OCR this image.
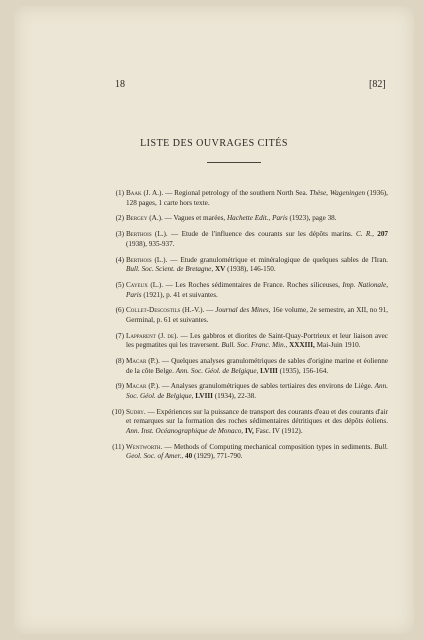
18	[82]
LISTE DES OUVRAGES CITÉS
(1) Baak (J. A.). — Regional petrology of the southern North Sea. Thèse, Wageningen (1936), 128 pages, 1 carte hors texte.
(2) Bergey (A.). — Vagues et marées, Hachette Edit., Paris (1923), page 38.
(3) Berthois (L.). — Etude de l'influence des courants sur les dépôts marins. C. R., 207 (1938), 935-937.
(4) Berthois (L.). — Etude granulométrique et minéralogique de quelques sables de l'Iran. Bull. Soc. Scient. de Bretagne, XV (1938), 146-150.
(5) Cayeux (L.). — Les Roches sédimentaires de France. Roches siliceuses, Imp. Nationale, Paris (1921), p. 41 et suivantes.
(6) Collet-Descostils (H.-V.). — Journal des Mines, 16e volume, 2e semestre, an XII, no 91, Germinal, p. 61 et suivantes.
(7) Lapparent (J. de). — Les gabbros et diorites de Saint-Quay-Portrieux et leur liaison avec les pegmatites qui les traversent. Bull. Soc. Franc. Min., XXXIII, Mai-Juin 1910.
(8) Macar (P.). — Quelques analyses granulométriques de sables d'origine marine et éolienne de la côte Belge. Ann. Soc. Géol. de Belgique, LVIII (1935), 156-164.
(9) Macar (P.). — Analyses granulométriques de sables tertiaires des environs de Liège. Ann. Soc. Géol. de Belgique, LVIII (1934), 22-38.
(10) Sudry. — Expériences sur la puissance de transport des courants d'eau et des courants d'air et remarques sur la formation des roches sédimentaires détritiques et des dépôts éoliens. Ann. Inst. Océanographique de Monaco, IV, Fasc. IV (1912).
(11) Wentworth. — Methods of Computing mechanical composition types in sediments. Bull. Geol. Soc. of Amer., 40 (1929), 771-790.
